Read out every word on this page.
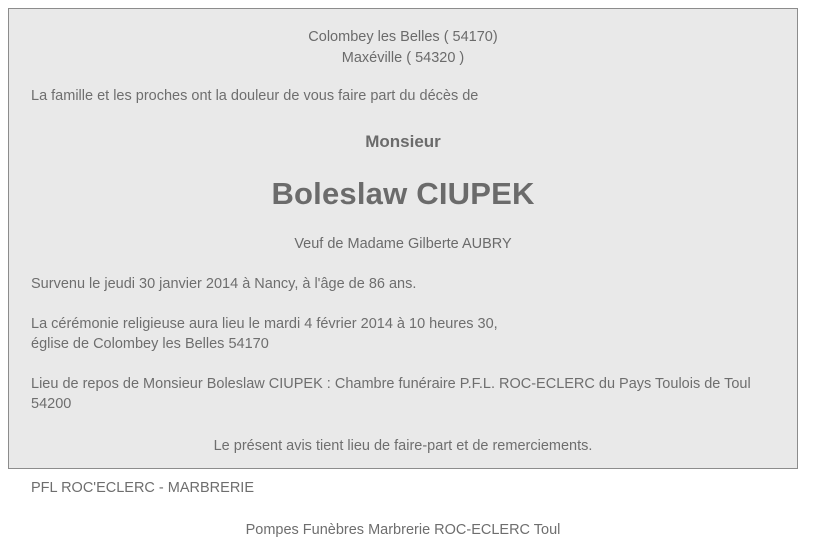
Colombey les Belles ( 54170)
Maxéville ( 54320 )
La famille et les proches ont la douleur de vous faire part du décès de
Monsieur
Boleslaw CIUPEK
Veuf de Madame Gilberte AUBRY
Survenu le jeudi 30 janvier 2014 à Nancy, à l'âge de 86 ans.
La cérémonie religieuse aura lieu le mardi 4 février 2014 à 10 heures 30,
église de Colombey les Belles 54170
Lieu de repos de Monsieur Boleslaw CIUPEK : Chambre funéraire P.F.L. ROC-ECLERC du Pays Toulois de Toul 54200
Le présent avis tient lieu de faire-part et de remerciements.
PFL ROC'ECLERC - MARBRERIE
Pompes Funèbres Marbrerie ROC-ECLERC Toul
